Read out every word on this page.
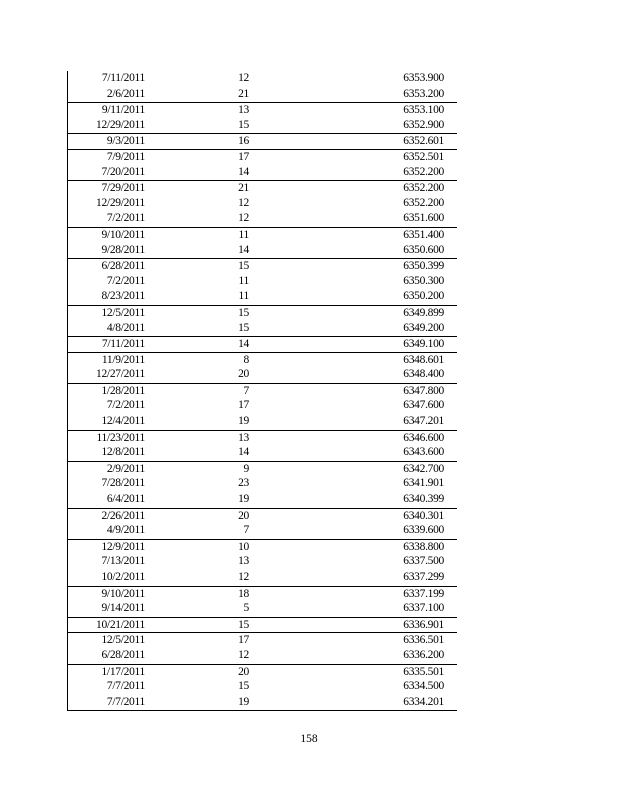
7/11/2011	12	6353.900
2/6/2011	21	6353.200
9/11/2011	13	6353.100
12/29/2011	15	6352.900
9/3/2011	16	6352.601
7/9/2011	17	6352.501
7/20/2011	14	6352.200
7/29/2011	21	6352.200
12/29/2011	12	6352.200
7/2/2011	12	6351.600
9/10/2011	11	6351.400
9/28/2011	14	6350.600
6/28/2011	15	6350.399
7/2/2011	11	6350.300
8/23/2011	11	6350.200
12/5/2011	15	6349.899
4/8/2011	15	6349.200
7/11/2011	14	6349.100
11/9/2011	8	6348.601
12/27/2011	20	6348.400
1/28/2011	7	6347.800
7/2/2011	17	6347.600
12/4/2011	19	6347.201
11/23/2011	13	6346.600
12/8/2011	14	6343.600
2/9/2011	9	6342.700
7/28/2011	23	6341.901
6/4/2011	19	6340.399
2/26/2011	20	6340.301
4/9/2011	7	6339.600
12/9/2011	10	6338.800
7/13/2011	13	6337.500
10/2/2011	12	6337.299
9/10/2011	18	6337.199
9/14/2011	5	6337.100
10/21/2011	15	6336.901
12/5/2011	17	6336.501
6/28/2011	12	6336.200
1/17/2011	20	6335.501
7/7/2011	15	6334.500
7/7/2011	19	6334.201
158
